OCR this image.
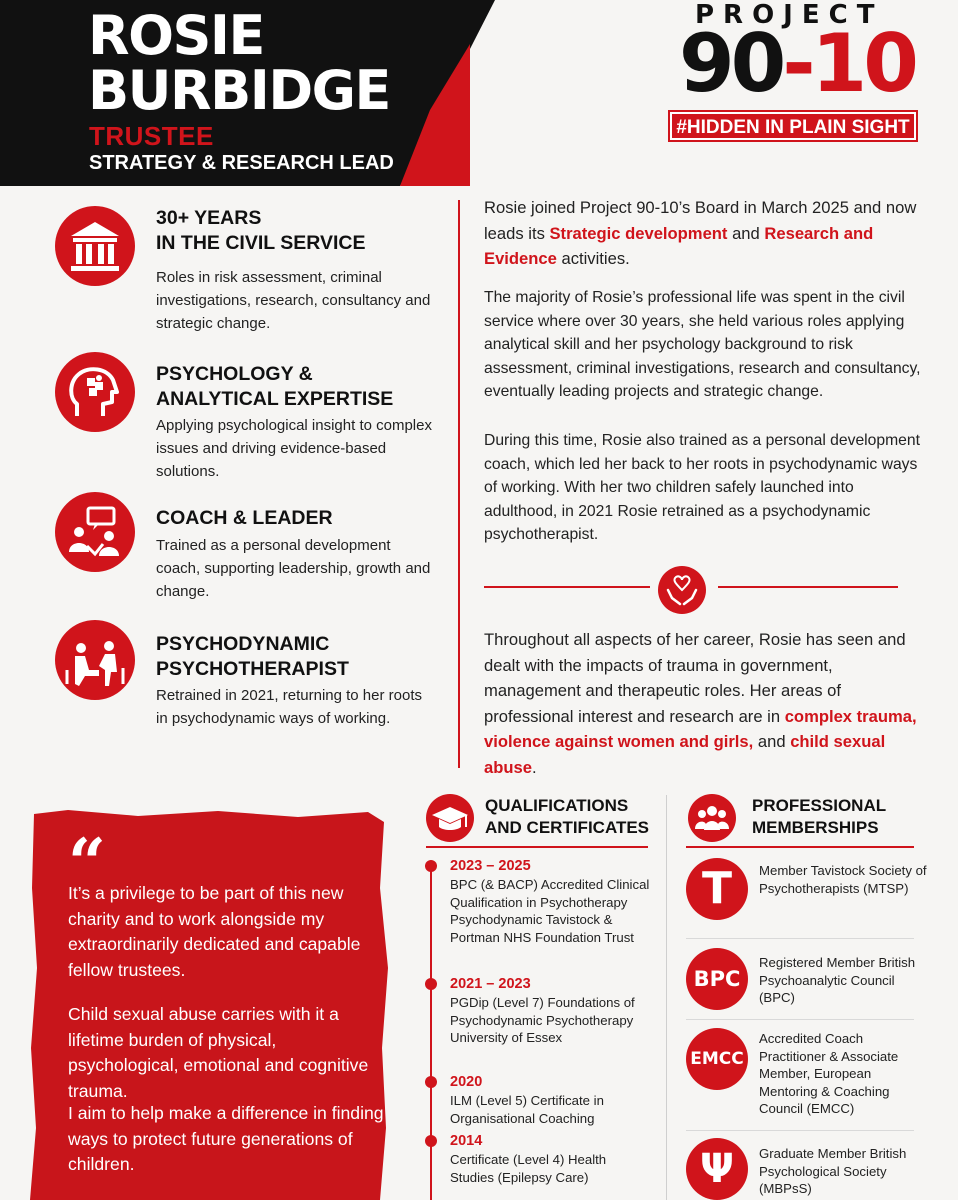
ROSIE
BURBIDGE
TRUSTEE
STRATEGY & RESEARCH LEAD
PROJECT
90-10
#HIDDEN IN PLAIN SIGHT
30+ YEARS
IN THE CIVIL SERVICE
Roles in risk assessment, criminal investigations, research, consultancy and strategic change.
PSYCHOLOGY &
ANALYTICAL EXPERTISE
Applying psychological insight to complex issues and driving evidence-based solutions.
COACH & LEADER
Trained as a personal development coach, supporting leadership, growth and change.
PSYCHODYNAMIC
PSYCHOTHERAPIST
Retrained in 2021, returning to her roots in psychodynamic ways of working.
Rosie joined Project 90-10’s Board in March 2025 and now leads its Strategic development and Research and Evidence activities.
The majority of Rosie’s professional life was spent in the civil service where over 30 years, she held various roles applying analytical skill and her psychology background to risk assessment, criminal investigations, research and consultancy, eventually leading projects and strategic change.
During this time, Rosie also trained as a personal development coach, which led her back to her roots in psychodynamic ways of working. With her two children safely launched into adulthood, in 2021 Rosie retrained as a psychodynamic psychotherapist.
Throughout all aspects of her career, Rosie has seen and dealt with the impacts of trauma in government, management and therapeutic roles. Her areas of professional interest and research are in complex trauma, violence against women and girls, and child sexual abuse.
“
It’s a privilege to be part of this new charity and to work alongside my extraordinarily dedicated and capable fellow trustees.
Child sexual abuse carries with it a lifetime burden of physical, psychological, emotional and cognitive trauma.
I aim to help make a difference in finding ways to protect future generations of children.
QUALIFICATIONS
AND CERTIFICATES
2023 – 2025
BPC (& BACP) Accredited Clinical Qualification in Psychotherapy Psychodynamic Tavistock & Portman NHS Foundation Trust
2021 – 2023
PGDip (Level 7) Foundations of Psychodynamic Psychotherapy University of Essex
2020
ILM (Level 5) Certificate in Organisational Coaching
2014
Certificate (Level 4) Health Studies (Epilepsy Care)
PROFESSIONAL
MEMBERSHIPS
T	Member Tavistock Society of Psychotherapists (MTSP)
BPC
Registered Member British Psychoanalytic Council (BPC)
EMCC
Accredited Coach Practitioner & Associate Member, European Mentoring & Coaching Council (EMCC)
Ψ	Graduate Member British Psychological Society (MBPsS)
